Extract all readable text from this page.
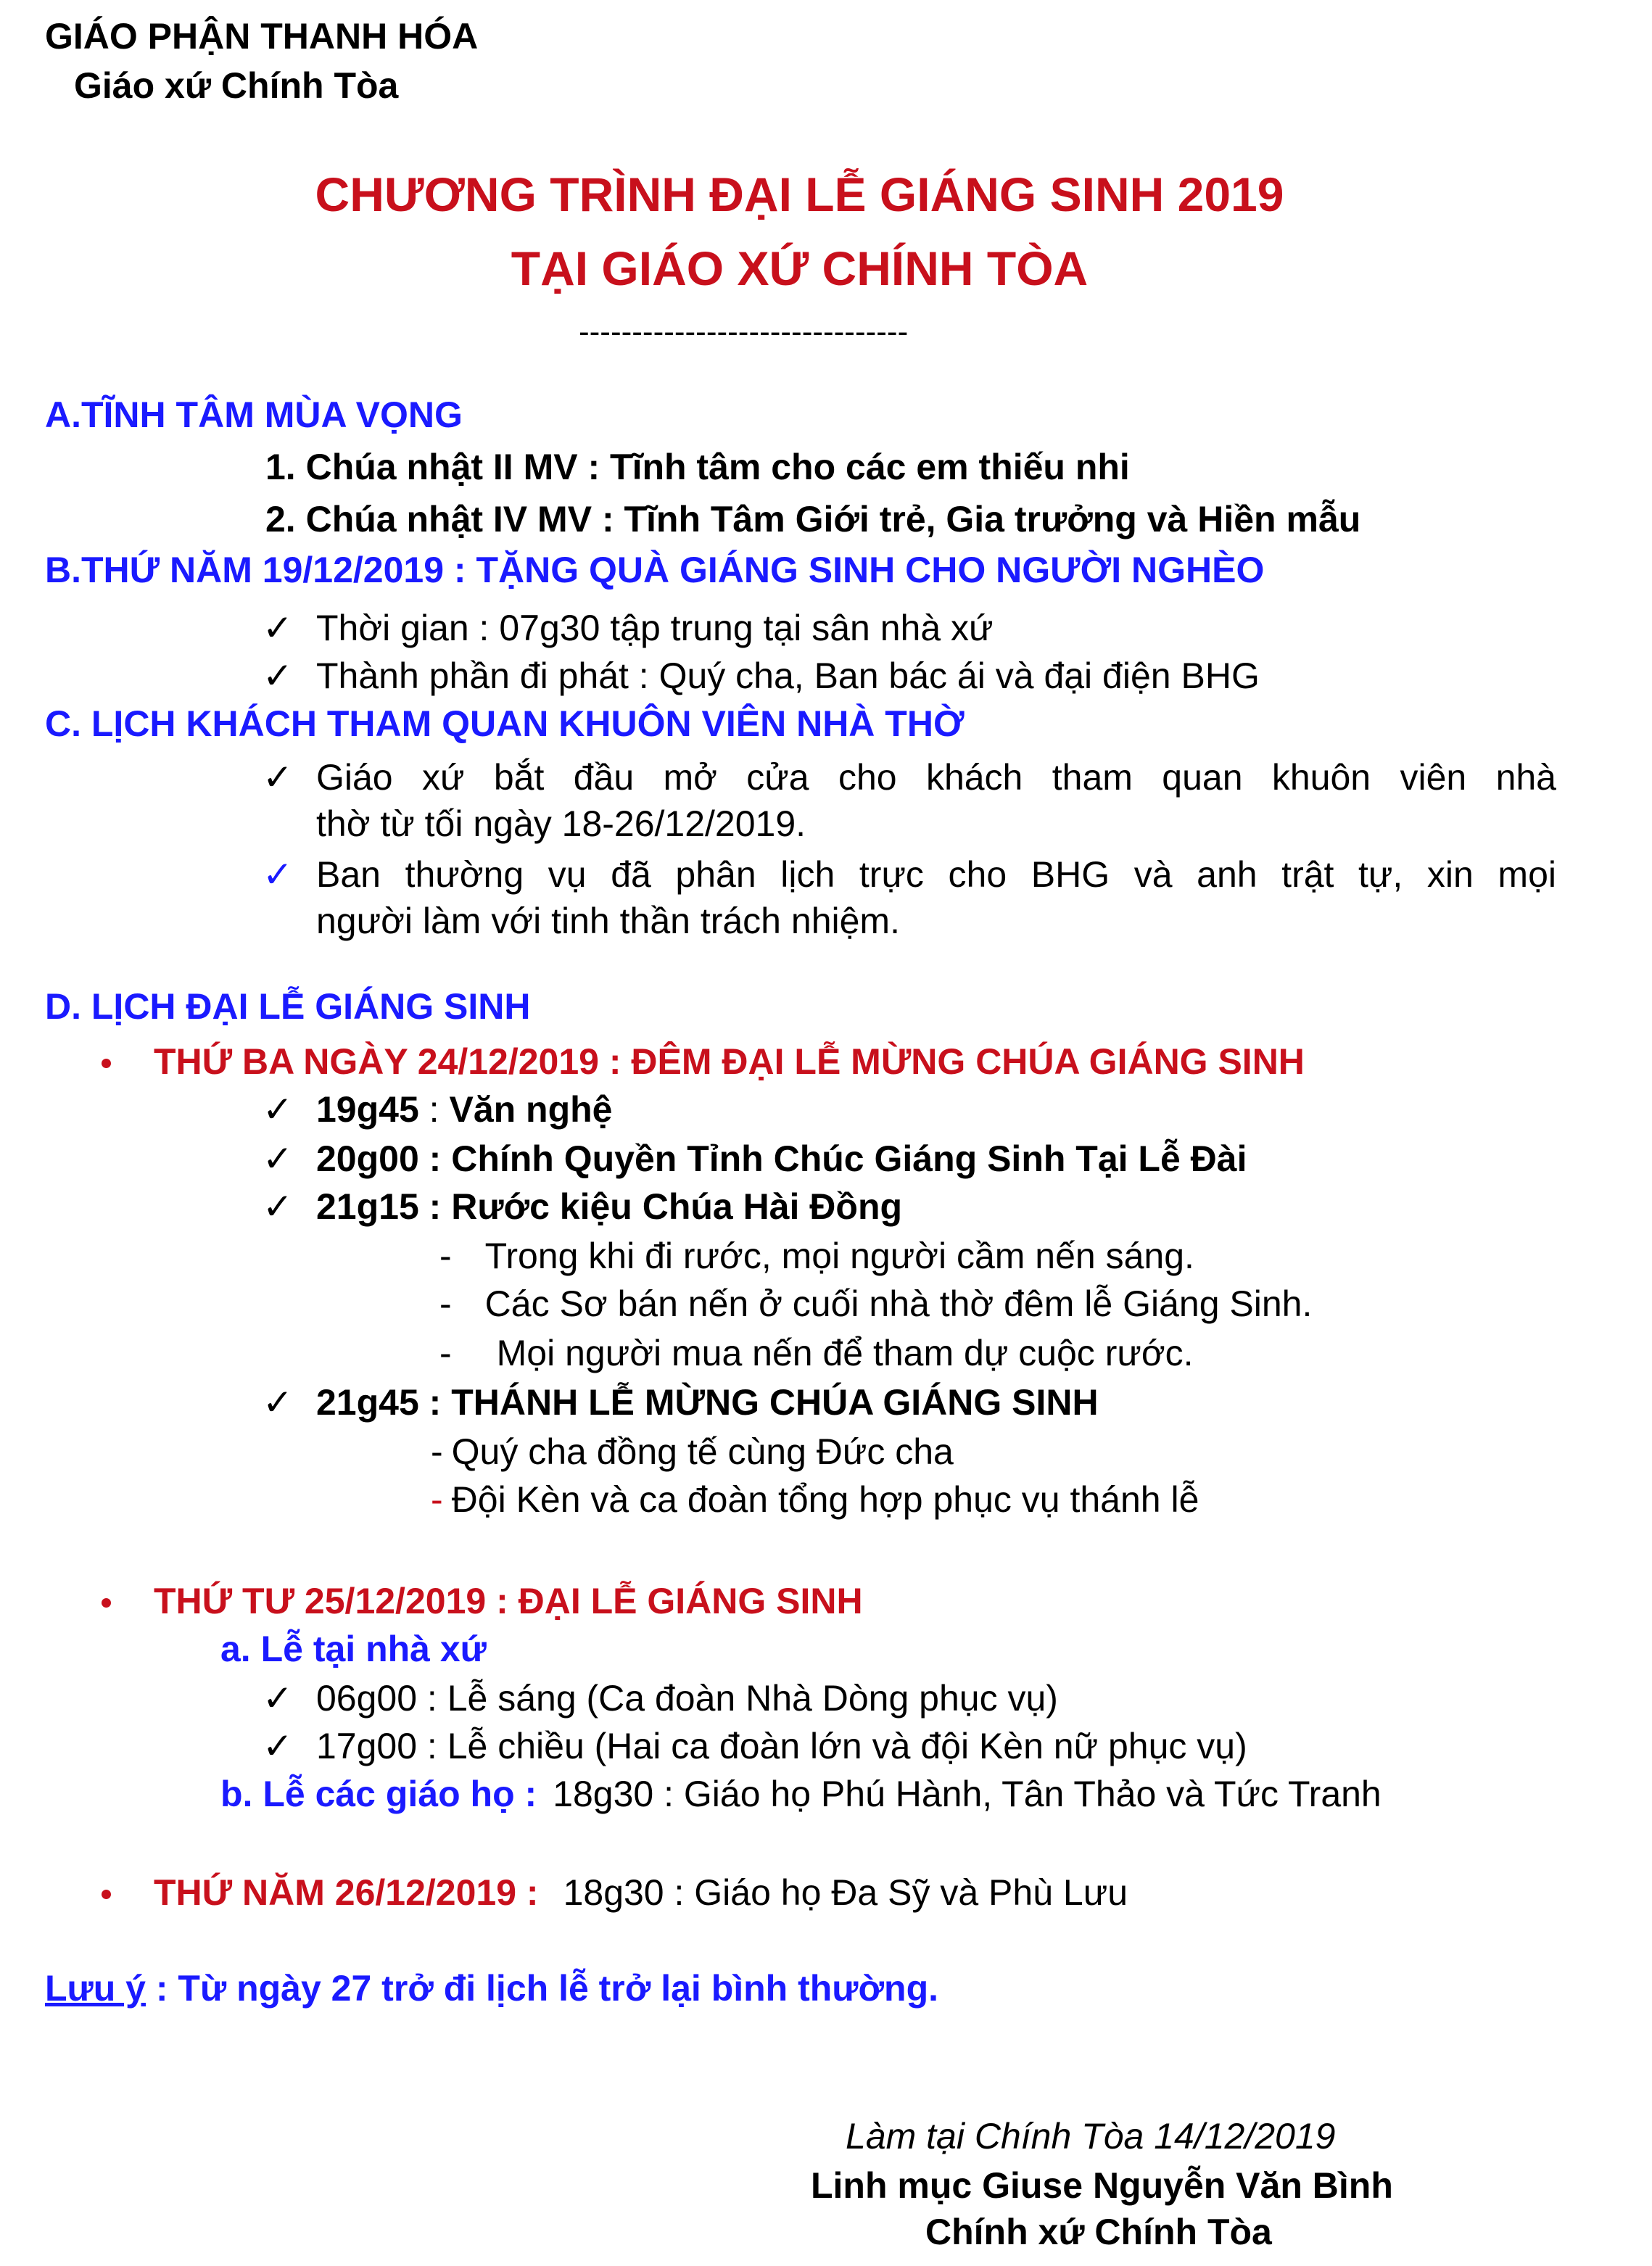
GIÁO PHẬN THANH HÓA
Giáo xứ Chính Tòa
CHƯƠNG TRÌNH ĐẠI LỄ GIÁNG SINH 2019
TẠI GIÁO XỨ CHÍNH TÒA
-------------------------------
A.TĨNH TÂM MÙA VỌNG
1. Chúa nhật II MV : Tĩnh tâm cho các em thiếu nhi
2. Chúa nhật IV MV : Tĩnh Tâm Giới trẻ, Gia trưởng và Hiền mẫu
B.THỨ NĂM 19/12/2019 : TẶNG QUÀ GIÁNG SINH CHO NGƯỜI NGHÈO
✓ Thời gian : 07g30 tập trung tại sân nhà xứ
✓ Thành phần đi phát : Quý cha, Ban bác ái và đại điện BHG
C. LỊCH KHÁCH THAM QUAN KHUÔN VIÊN NHÀ THỜ
✓ Giáo xứ bắt đầu mở cửa cho khách tham quan khuôn viên nhà
thờ từ tối ngày 18-26/12/2019.
✓ Ban thường vụ đã phân lịch trực cho BHG và anh trật tự, xin mọi
người làm với tinh thần trách nhiệm.
D. LỊCH ĐẠI LỄ GIÁNG SINH
THỨ BA NGÀY 24/12/2019 : ĐÊM ĐẠI LỄ MỪNG CHÚA GIÁNG SINH
✓ 19g45 : Văn nghệ
✓ 20g00 : Chính Quyền Tỉnh Chúc Giáng Sinh Tại Lễ Đài
✓ 21g15 : Rước kiệu Chúa Hài Đồng
- Trong khi đi rước, mọi người cầm nến sáng.
- Các Sơ bán nến ở cuối nhà thờ đêm lễ Giáng Sinh.
- Mọi người mua nến để tham dự cuộc rước.
✓ 21g45 : THÁNH LỄ MỪNG CHÚA GIÁNG SINH
- Quý cha đồng tế cùng Đức cha
- Đội Kèn và ca đoàn tổng hợp phục vụ thánh lễ
THỨ TƯ 25/12/2019 : ĐẠI LỄ GIÁNG SINH
a. Lễ tại nhà xứ
✓ 06g00 : Lễ sáng (Ca đoàn Nhà Dòng phục vụ)
✓ 17g00 : Lễ chiều (Hai ca đoàn lớn và đội Kèn nữ phục vụ)
b. Lễ các giáo họ : 18g30 : Giáo họ Phú Hành, Tân Thảo và Tức Tranh
THỨ NĂM 26/12/2019 : 18g30 : Giáo họ Đa Sỹ và Phù Lưu
Lưu ý : Từ ngày 27 trở đi lịch lễ trở lại bình thường.
Làm tại Chính Tòa 14/12/2019
Linh mục Giuse Nguyễn Văn Bình
Chính xứ Chính Tòa
